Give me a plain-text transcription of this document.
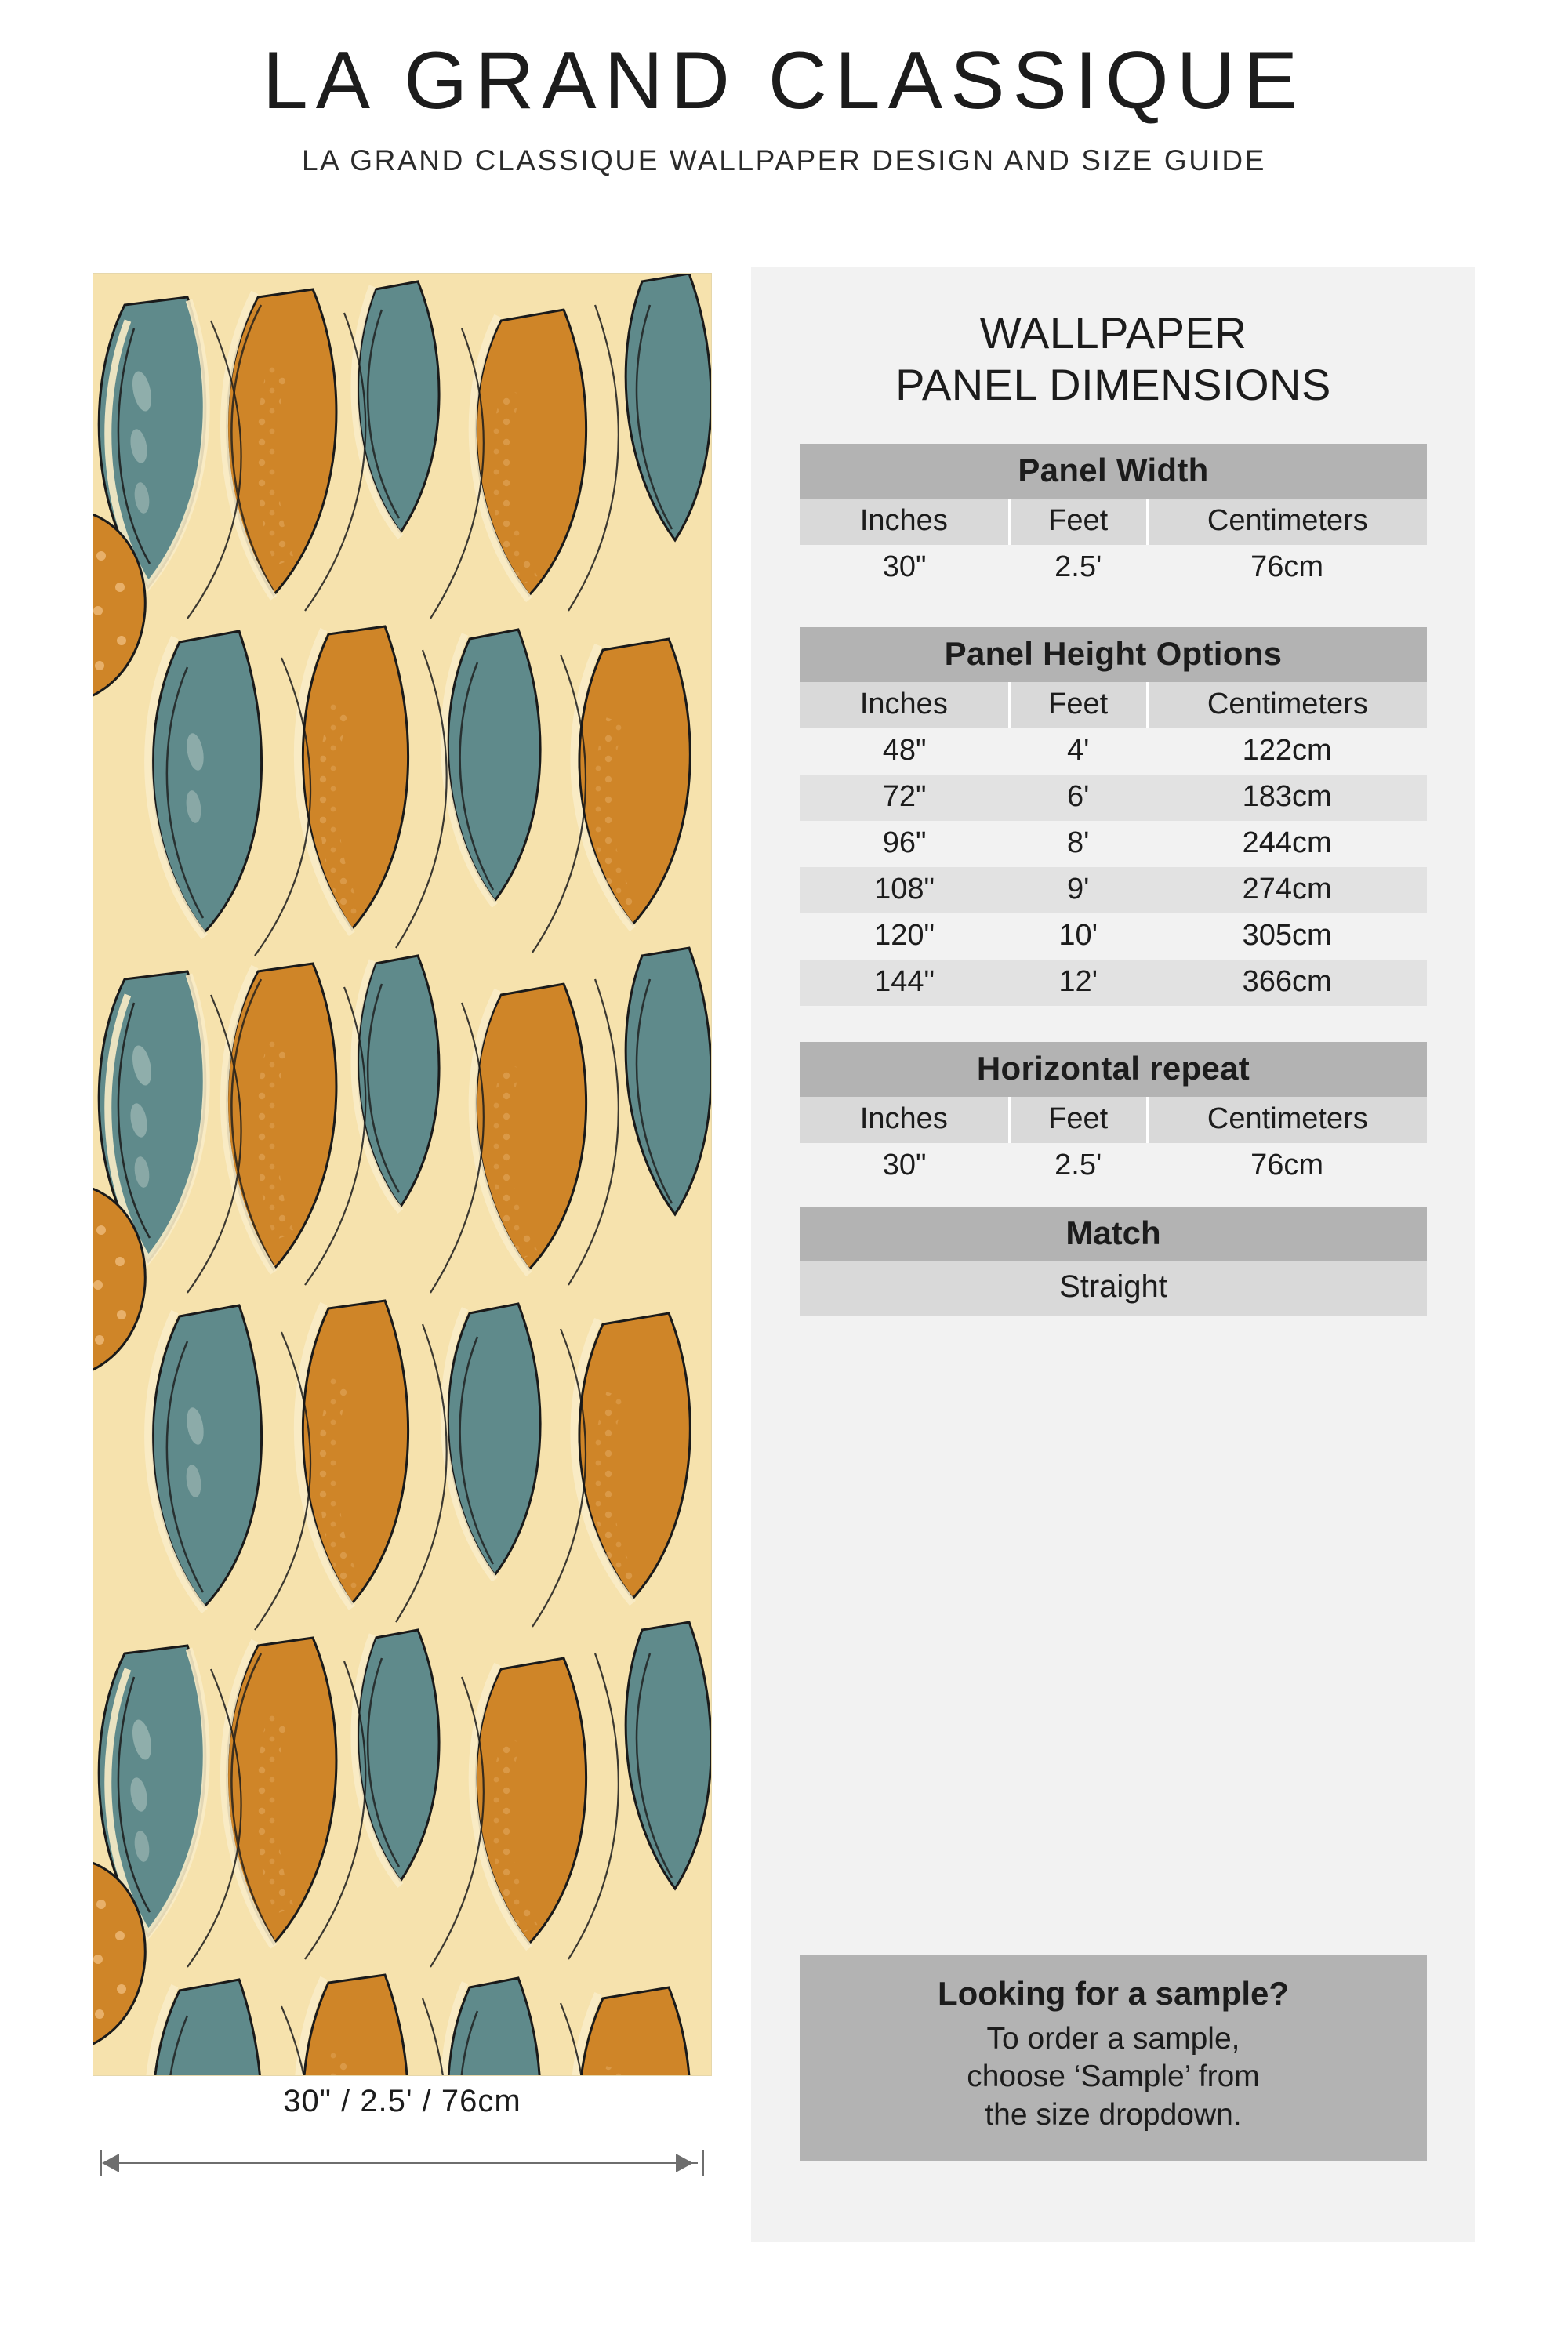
LA GRAND CLASSIQUE
LA GRAND CLASSIQUE WALLPAPER DESIGN AND SIZE GUIDE
30" / 2.5' / 76cm
WALLPAPER
PANEL DIMENSIONS
Panel Width		
Inches	Feet	Centimeters
30"	2.5'	76cm
Panel Height Options		
Inches	Feet	Centimeters
48"	4'	122cm
72"	6'	183cm
96"	8'	244cm
108"	9'	274cm
120"	10'	305cm
144"	12'	366cm
Horizontal repeat		
Inches	Feet	Centimeters
30"	2.5'	76cm
Match
Straight
Looking for a sample?
To order a sample,
choose ‘Sample’ from
the size dropdown.
